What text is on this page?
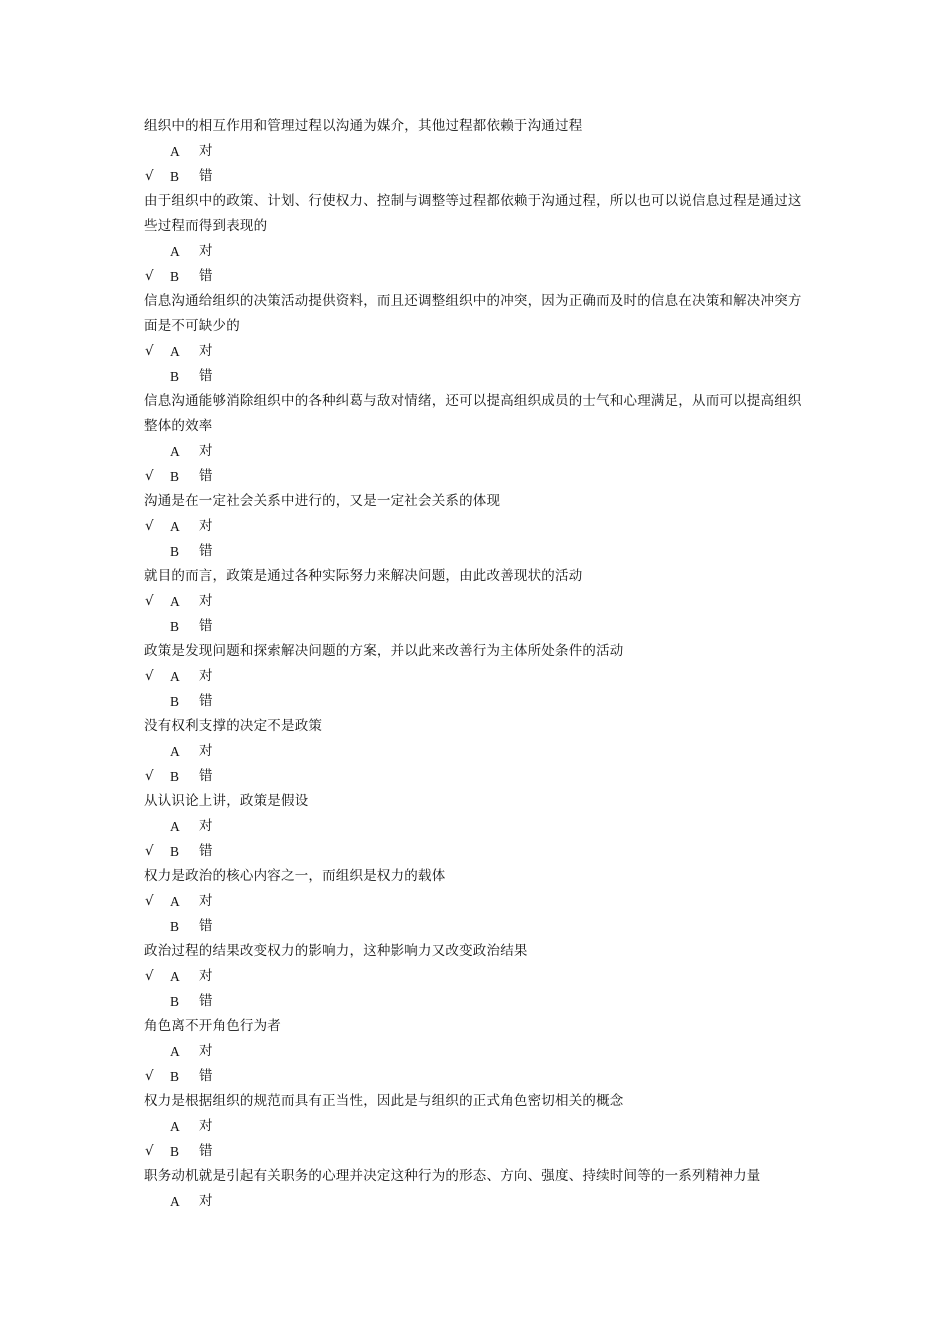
组织中的相互作用和管理过程以沟通为媒介，其他过程都依赖于沟通过程
A 对
√ B 错
由于组织中的政策、计划、行使权力、控制与调整等过程都依赖于沟通过程，所以也可以说信息过程是通过这些过程而得到表现的
A 对
√ B 错
信息沟通给组织的决策活动提供资料，而且还调整组织中的冲突，因为正确而及时的信息在决策和解决冲突方面是不可缺少的
√ A 对
B 错
信息沟通能够消除组织中的各种纠葛与敌对情绪，还可以提高组织成员的士气和心理满足，从而可以提高组织整体的效率
A 对
√ B 错
沟通是在一定社会关系中进行的，又是一定社会关系的体现
√ A 对
B 错
就目的而言，政策是通过各种实际努力来解决问题，由此改善现状的活动
√ A 对
B 错
政策是发现问题和探索解决问题的方案，并以此来改善行为主体所处条件的活动
√ A 对
B 错
没有权利支撑的决定不是政策
A 对
√ B 错
从认识论上讲，政策是假设
A 对
√ B 错
权力是政治的核心内容之一，而组织是权力的载体
√ A 对
B 错
政治过程的结果改变权力的影响力，这种影响力又改变政治结果
√ A 对
B 错
角色离不开角色行为者
A 对
√ B 错
权力是根据组织的规范而具有正当性，因此是与组织的正式角色密切相关的概念
A 对
√ B 错
职务动机就是引起有关职务的心理并决定这种行为的形态、方向、强度、持续时间等的一系列精神力量
A 对
